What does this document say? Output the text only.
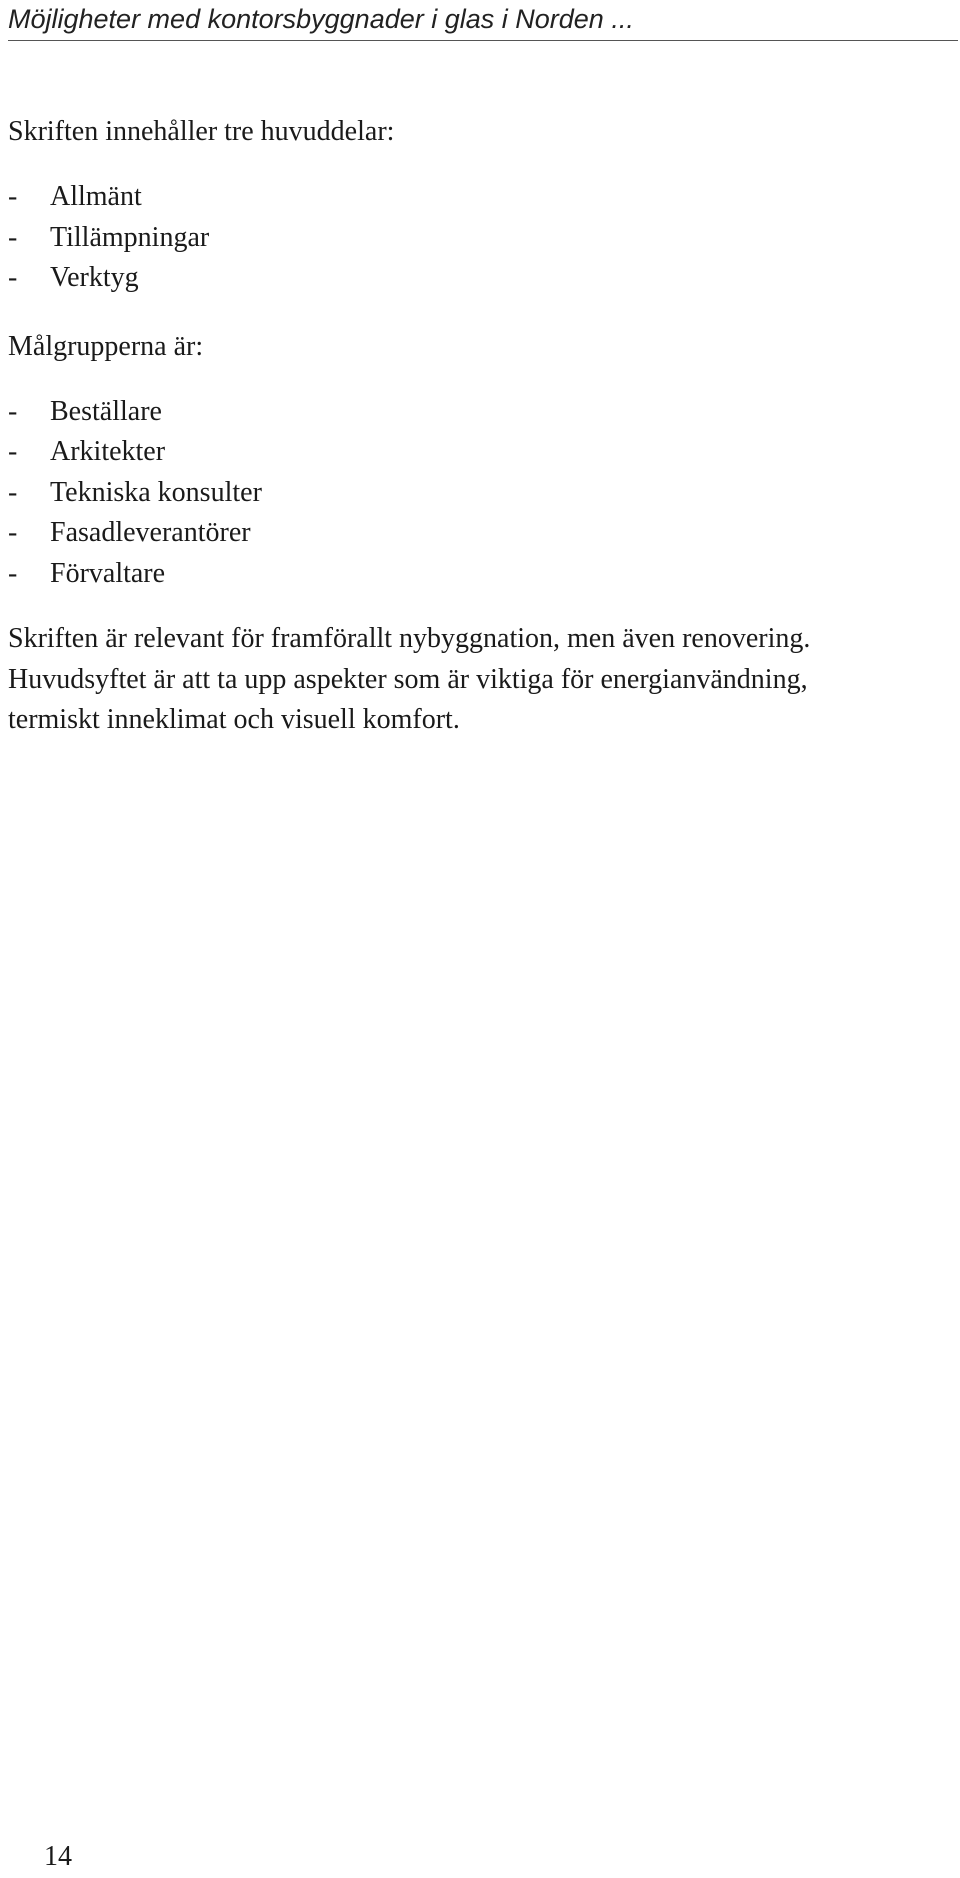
Möjligheter med kontorsbyggnader i glas i Norden ...

Skriften innehåller tre huvuddelar:

- Allmänt
- Tillämpningar
- Verktyg

Målgrupperna är:

- Beställare
- Arkitekter
- Tekniska konsulter
- Fasadleverantörer
- Förvaltare
Skriften är relevant för framförallt nybyggnation, men även renovering.
Huvudsyftet är att ta upp aspekter som är viktiga för energianvändning,
termiskt inneklimat och visuell komfort.
14
